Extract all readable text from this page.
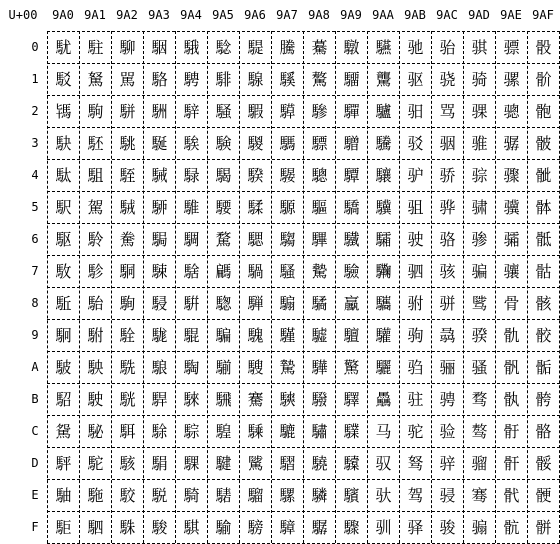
U+00	9A0 9A1 9A2 9A3 9A4 9A5 9A6 9A7 9A8 9A9 9AA 9AB 9AC 9AD 9AE 9AF
0
1
2
3
4
5
6
7
8
9
A
B
C
D
E
F
駀 駐 駠 駰 騀 騐 騠 騰 驀 驐 驠 驰 骀 骐 骠 骰
駁 駑 駡 駱 騁 騑 騡 騱 驁 驑 驡 驱 骁 骑 骡 骱
駂 駒 駢 駲 騂 騒 騢 騲 驂 驒 驢 驲 骂 骒 骢 骲
駃 駓 駣 駳 騃 験 騣 騳 驃 驓 驣 驳 骃 骓 骣 骳
駄 駔 駤 駴 騄 騔 騤 騴 驄 驔 驤 驴 骄 骔 骤 骴
駅 駕 駥 駵 騅 騕 騥 騵 驅 驕 驥 驵 骅 骕 骥 骵
駆 駖 駦 駶 騆 騖 騦 騶 驆 驖 驦 驶 骆 骖 骦 骶
駇 駗 駧 駷 騇 騗 騧 騷 驇 驗 驧 驷 骇 骗 骧 骷
駈 駘 駨 駸 騈 騘 騨 騸 驈 驘 驨 驸 骈 骘 骨 骸
駉 駙 駩 駹 騉 騙 騩 騹 驉 驙 驩 驹 骉 骙 骩 骹
駊 駚 駪 駺 騊 騚 騪 騺 驊 驚 驪 驺 骊 骚 骪 骺
駋 駛 駫 駻 騋 騛 騫 騻 驋 驛 驫 驻 骋 骛 骫 骻
駌 駜 駬 駼 騌 騜 騬 騼 驌 驜 马 驼 验 骜 骬 骼
駍 駝 駭 駽 騍 騝 騭 騽 驍 驝 驭 驽 骍 骝 骭 骽
駎 駞 駮 駾 騎 騞 騮 騾 驎 驞 驮 驾 骎 骞 骮 骾
駏 駟 駯 駿 騏 騟 騯 騿 驏 驟 驯 驿 骏 骟 骯 骿
